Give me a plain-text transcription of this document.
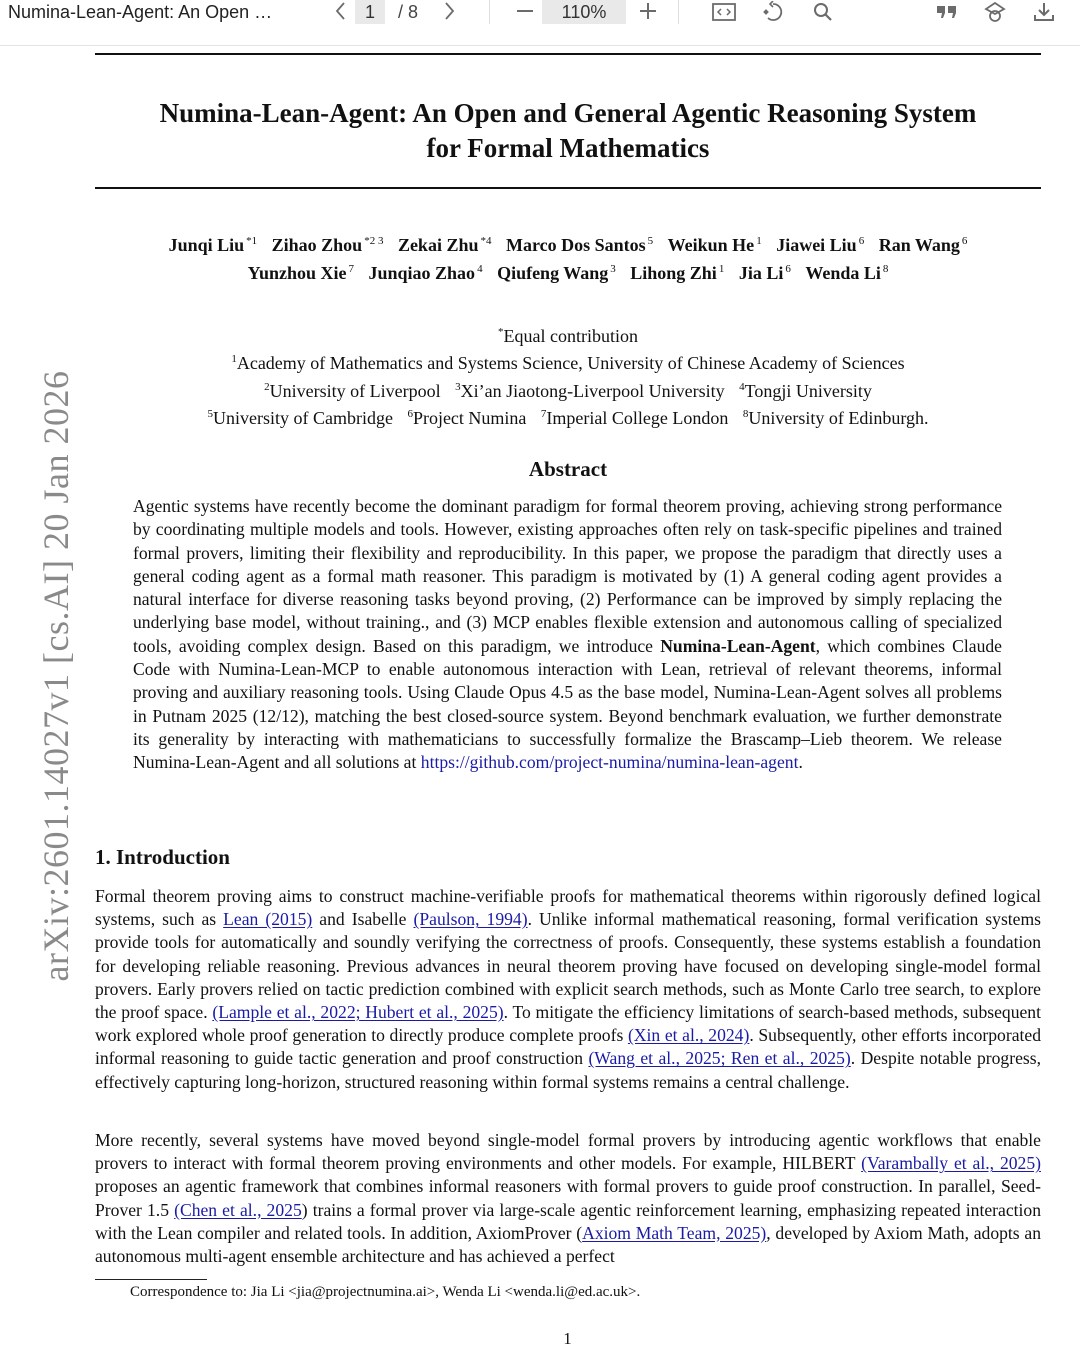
Numina-Lean-Agent: An Open …	1	/ 8	110%
arXiv:2601.14027v1 [cs.AI] 20 Jan 2026
Numina-Lean-Agent: An Open and General Agentic Reasoning System
for Formal Mathematics
Junqi Liu $^{*1}$ Zihao Zhou $^{*2 3}$ Zekai Zhu $^{*4}$ Marco Dos Santos $^5$ Weikun He $^1$ Jiawei Liu $^6$ Ran Wang $^6$
Yunzhou Xie $^7$ Junqiao Zhao $^4$ Qiufeng Wang $^3$ Lihong Zhi $^1$ Jia Li $^6$ Wenda Li $^8$
*Equal contribution
$^1$Academy of Mathematics and Systems Science, University of Chinese Academy of Sciences
$^2$University of Liverpool $^3$Xi’an Jiaotong-Liverpool University $^4$Tongji University
$^5$University of Cambridge $^6$Project Numina $^7$Imperial College London $^8$University of Edinburgh.
Abstract
Agentic systems have recently become the dominant paradigm for formal theorem proving, achieving strong performance by coordinating multiple models and tools. However, existing approaches often rely on task-specific pipelines and trained formal provers, limiting their flexibility and reproducibility. In this paper, we propose the paradigm that directly uses a general coding agent as a formal math reasoner. This paradigm is motivated by (1) A general coding agent provides a natural interface for diverse reasoning tasks beyond proving, (2) Performance can be improved by simply replacing the underlying base model, without training., and (3) MCP enables flexible extension and autonomous calling of specialized tools, avoiding complex design. Based on this paradigm, we introduce Numina-Lean-Agent, which combines Claude Code with Numina-Lean-MCP to enable autonomous interaction with Lean, retrieval of relevant theorems, informal proving and auxiliary reasoning tools. Using Claude Opus 4.5 as the base model, Numina-Lean-Agent solves all problems in Putnam 2025 (12/12), matching the best closed-source system. Beyond benchmark evaluation, we further demonstrate its generality by interacting with mathematicians to successfully formalize the Brascamp–Lieb theorem. We release Numina-Lean-Agent and all solutions at https://github.com/project-numina/numina-lean-agent.
1. Introduction
Formal theorem proving aims to construct machine-verifiable proofs for mathematical theorems within rigorously defined logical systems, such as Lean (2015) and Isabelle (Paulson, 1994). Unlike informal mathematical reasoning, formal verification systems provide tools for automatically and soundly verifying the correctness of proofs. Consequently, these systems establish a foundation for developing reliable reasoning. Previous advances in neural theorem proving have focused on developing single-model formal provers. Early provers relied on tactic prediction combined with explicit search methods, such as Monte Carlo tree search, to explore the proof space. (Lample et al., 2022; Hubert et al., 2025). To mitigate the efficiency limitations of search-based methods, subsequent work explored whole proof generation to directly produce complete proofs (Xin et al., 2024). Subsequently, other efforts incorporated informal reasoning to guide tactic generation and proof construction (Wang et al., 2025; Ren et al., 2025). Despite notable progress, effectively capturing long-horizon, structured reasoning within formal systems remains a central challenge.
More recently, several systems have moved beyond single-model formal provers by introducing agentic workflows that enable provers to interact with formal theorem proving environments and other models. For example, HILBERT (Varambally et al., 2025) proposes an agentic framework that combines informal reasoners with formal provers to guide proof construction. In parallel, Seed-Prover 1.5 (Chen et al., 2025) trains a formal prover via large-scale agentic reinforcement learning, emphasizing repeated interaction with the Lean compiler and related tools. In addition, AxiomProver (Axiom Math Team, 2025), developed by Axiom Math, adopts an autonomous multi-agent ensemble architecture and has achieved a perfect
Correspondence to: Jia Li <jia@projectnumina.ai>, Wenda Li <wenda.li@ed.ac.uk>.
1
